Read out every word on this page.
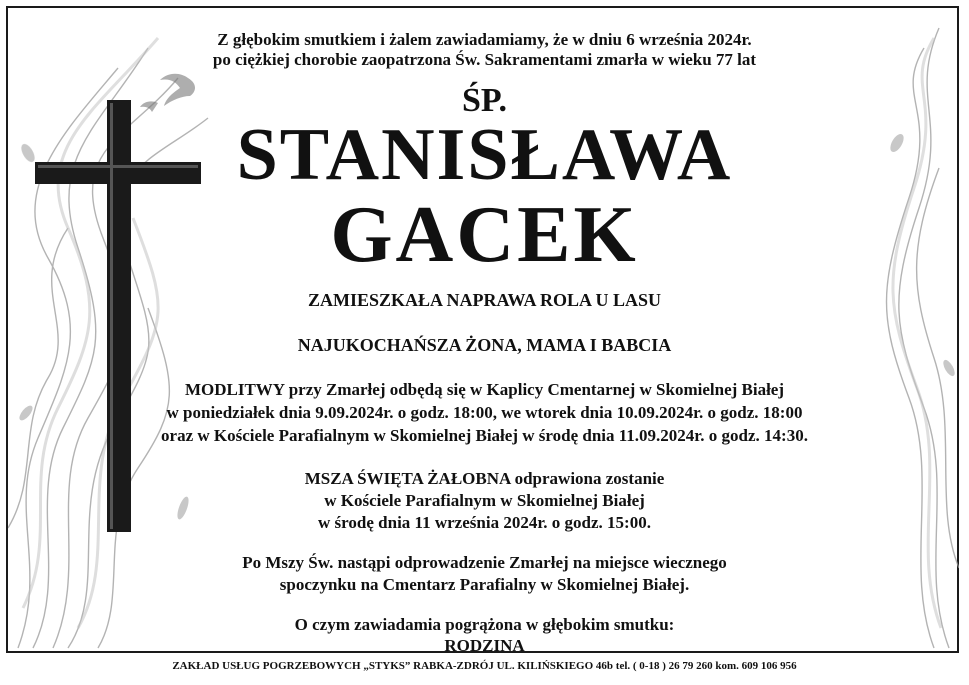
Z głębokim smutkiem i żalem zawiadamiamy, że w dniu 6 września 2024r.
po ciężkiej chorobie zaopatrzona Św. Sakramentami zmarła w wieku 77 lat
ŚP.
STANISŁAWA
GACEK
ZAMIESZKAŁA NAPRAWA ROLA U LASU
NAJUKOCHAŃSZA ŻONA, MAMA I BABCIA
MODLITWY przy Zmarłej odbędą się w Kaplicy Cmentarnej w Skomielnej Białej
w poniedziałek dnia 9.09.2024r. o godz. 18:00, we wtorek dnia 10.09.2024r. o godz. 18:00
oraz w Kościele Parafialnym w Skomielnej Białej w środę dnia 11.09.2024r. o godz. 14:30.
MSZA ŚWIĘTA ŻAŁOBNA odprawiona zostanie
w Kościele Parafialnym w Skomielnej Białej
w środę dnia 11 września 2024r. o godz. 15:00.
Po Mszy Św. nastąpi odprowadzenie Zmarłej na miejsce wiecznego
spoczynku na Cmentarz Parafialny w Skomielnej Białej.
O czym zawiadamia pogrążona w głębokim smutku:
RODZINA
ZAKŁAD USŁUG POGRZEBOWYCH „STYKS” RABKA-ZDRÓJ UL. KILIŃSKIEGO 46b tel. ( 0-18 ) 26 79 260 kom. 609 106 956
